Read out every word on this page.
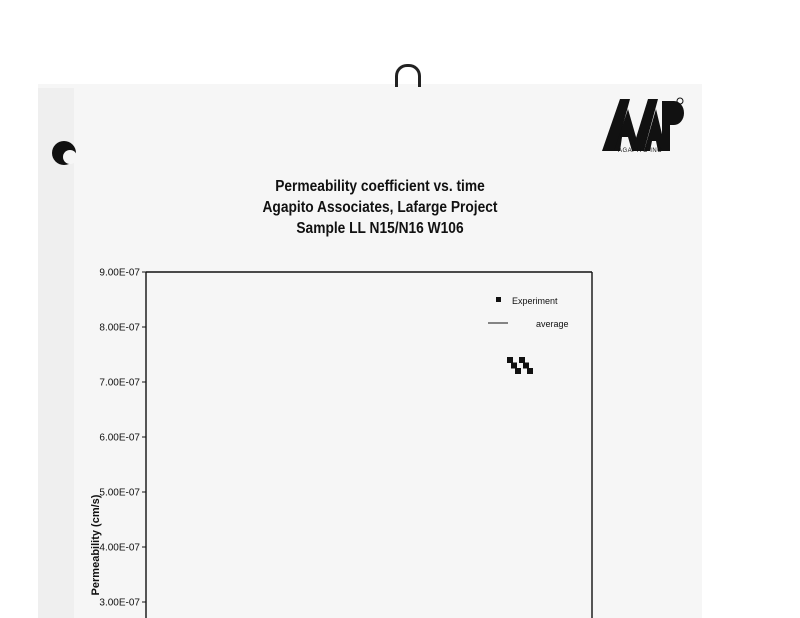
AGAPITO INC
Permeability coefficient vs. time
Agapito Associates, Lafarge Project
Sample LL N15/N16 W106
9.00E-07
8.00E-07
7.00E-07
6.00E-07
5.00E-07
4.00E-07
3.00E-07
Experiment
average
Permeability (cm/s)
